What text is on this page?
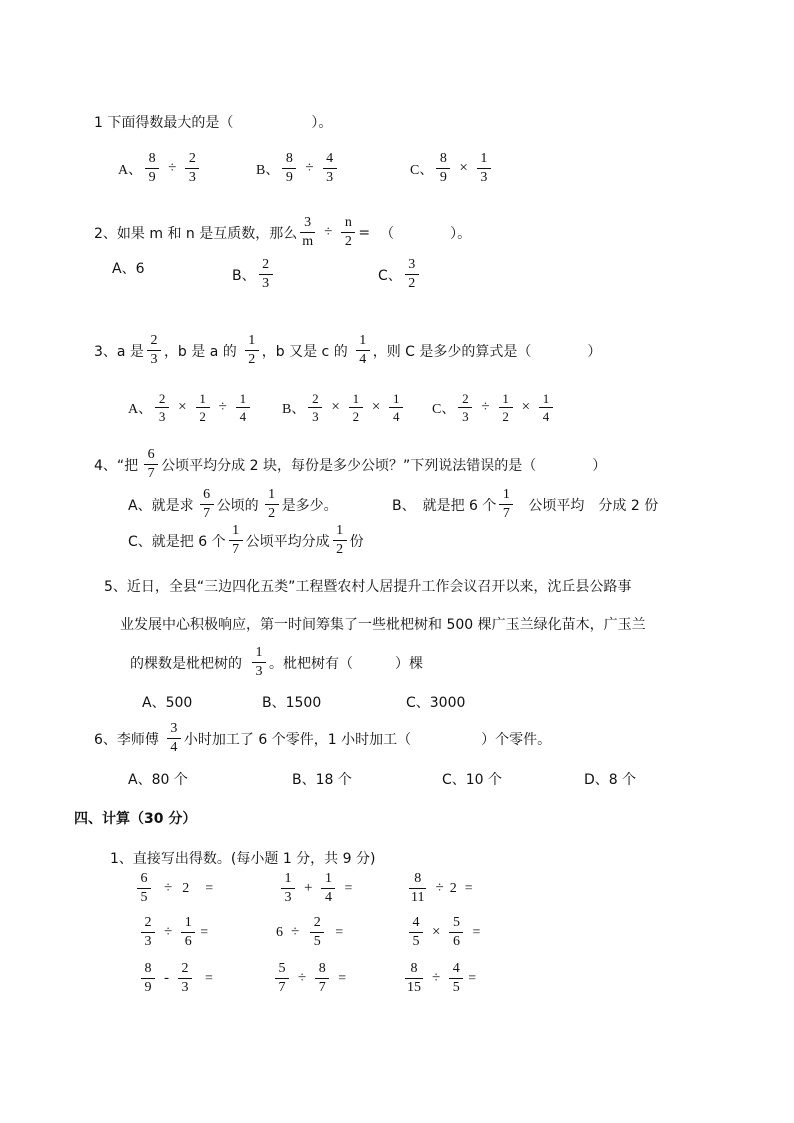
1 下面得数最大的是（	）。
A、 $\frac{8}{9} \div \frac{2}{3}$	B、 $\frac{8}{9} \div \frac{4}{3}$	C、 $\frac{8}{9} \times \frac{1}{3}$
2、如果 m 和 n 是互质数，那么 $\frac{3}{m} \div \frac{n}{2}$ = （　　　　）。
A、6	B、 $\frac{2}{3}$	C、 $\frac{3}{2}$
3、a 是 $\frac{2}{3}$ ，b 是 a 的 $\frac{1}{2}$ ，b 又是 c 的 $\frac{1}{4}$ ，则 C 是多少的算式是（　　　　）
A、 $\frac{2}{3} \times \frac{1}{2} \div \frac{1}{4}$ B、 $\frac{2}{3} \times \frac{1}{2} \times \frac{1}{4}$ C、 $\frac{2}{3} \div \frac{1}{2} \times \frac{1}{4}$
4、“把 $\frac{6}{7}$ 公顷平均分成 2 块，每份是多少公顷？”下列说法错误的是（　　　　）
A、就是求 $\frac{6}{7}$ 公顷的 $\frac{1}{2}$ 是多少。	B、　就是把 6 个 $\frac{1}{7}$ 公顷平均　分成 2 份
C、就是把 6 个 $\frac{1}{7}$ 公顷平均分成 $\frac{1}{2}$ 份
5、近日，全县“三边四化五类”工程暨农村人居提升工作会议召开以来，沈丘县公路事
业发展中心积极响应，第一时间筹集了一些枇杷树和 500 棵广玉兰绿化苗木，广玉兰
的棵数是枇杷树的 $\frac{1}{3}$ 。枇杷树有（　　　）棵
A、500	B、1500	C、3000
6、李师傅 $\frac{3}{4}$ 小时加工了 6 个零件，1 小时加工（　　　　　）个零件。
A、80 个	B、18 个	C、10 个	D、8 个
四、计算（30 分）
1、直接写出得数。(每小题 1 分，共 9 分)
$\frac{6}{5} \div 2$ =	$\frac{1}{3} + \frac{1}{4}$ =	$\frac{8}{11} \div 2$ =
$\frac{2}{3} \div \frac{1}{6}$ =	$6 \div \frac{2}{5}$ =	$\frac{4}{5} \times \frac{5}{6}$ =
$\frac{8}{9} - \frac{2}{3}$ =	$\frac{5}{7} \div \frac{8}{7}$ =	$\frac{8}{15} \div \frac{4}{5}$ =
